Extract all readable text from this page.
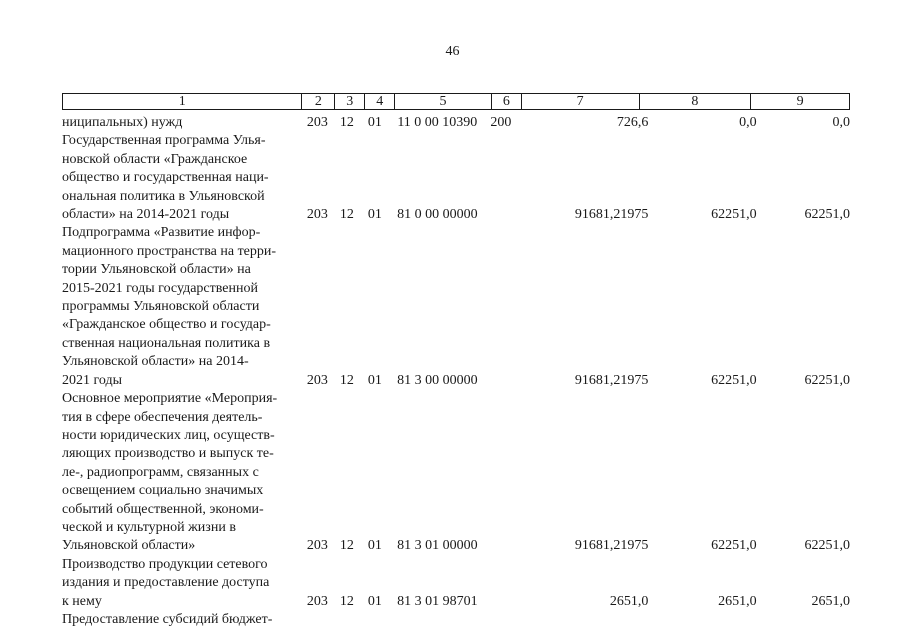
46
1	2	3	4	5	6	7	8	9
ниципальных) нужд	203 12	01	11 0 00 10390 200	726,6	0,0	0,0
Государственная программа Улья-
новской области «Гражданское
общество и государственная наци-
ональная политика в Ульяновской
области» на 2014-2021 годы	203 12	01	81 0 00 00000	91681,21975	62251,0	62251,0
Подпрограмма «Развитие инфор-
мационного пространства на терри-
тории Ульяновской области» на
2015-2021 годы государственной
программы Ульяновской области
«Гражданское общество и государ-
ственная национальная политика в
Ульяновской области» на 2014-
2021 годы	203 12	01	81 3 00 00000	91681,21975	62251,0	62251,0
Основное мероприятие «Мероприя-
тия в сфере обеспечения деятель-
ности юридических лиц, осуществ-
ляющих производство и выпуск те-
ле-, радиопрограмм, связанных с
освещением социально значимых
событий общественной, экономи-
ческой и культурной жизни в
Ульяновской области»	203 12	01	81 3 01 00000	91681,21975	62251,0	62251,0
Производство продукции сетевого
издания и предоставление доступа
к нему	203 12	01	81 3 01 98701	2651,0	2651,0	2651,0
Предоставление субсидий бюджет-
